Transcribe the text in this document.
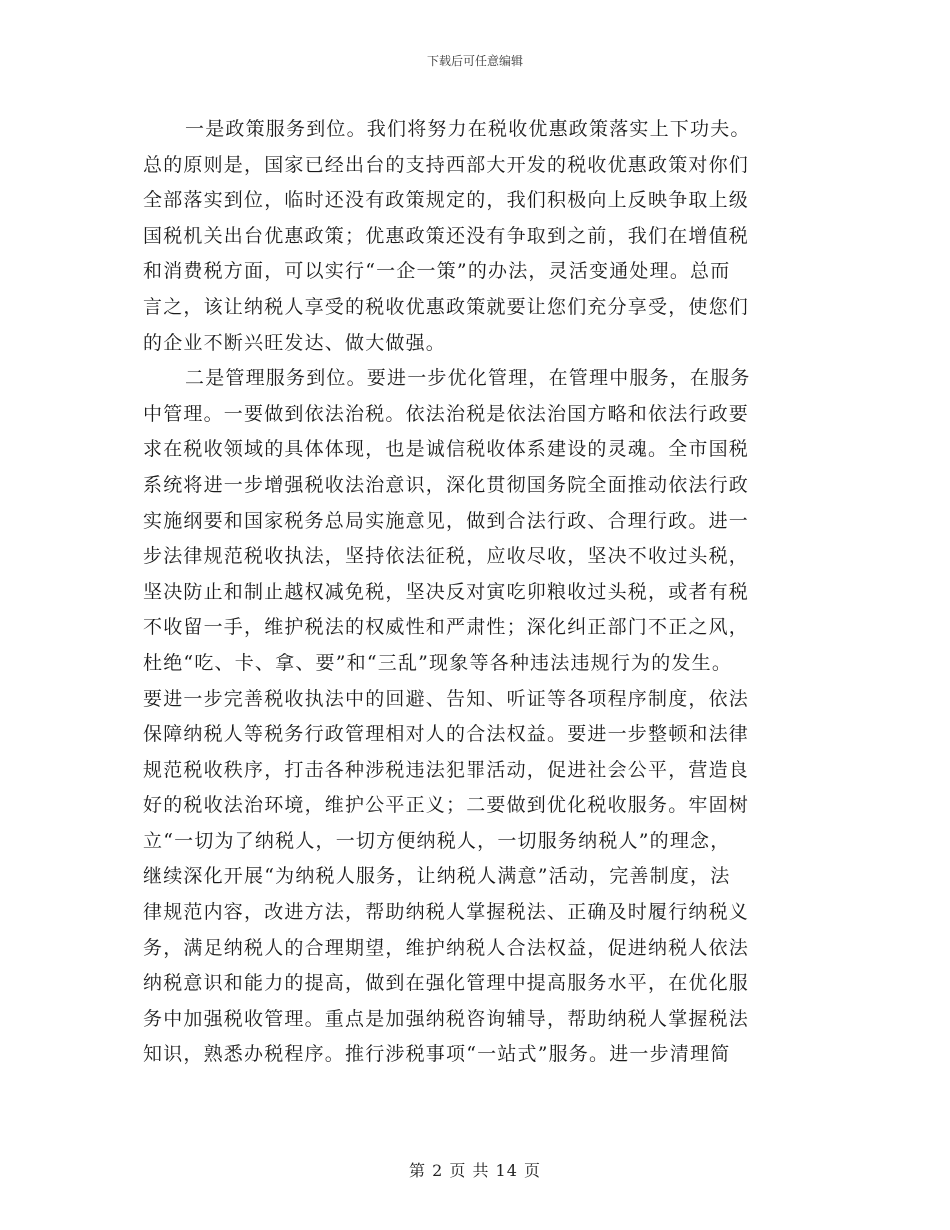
下载后可任意编辑
一是政策服务到位。我们将努力在税收优惠政策落实上下功夫。
总的原则是，国家已经出台的支持西部大开发的税收优惠政策对你们
全部落实到位，临时还没有政策规定的，我们积极向上反映争取上级
国税机关出台优惠政策；优惠政策还没有争取到之前，我们在增值税
和消费税方面，可以实行“一企一策”的办法，灵活变通处理。总而
言之，该让纳税人享受的税收优惠政策就要让您们充分享受，使您们
的企业不断兴旺发达、做大做强。
二是管理服务到位。要进一步优化管理，在管理中服务，在服务
中管理。一要做到依法治税。依法治税是依法治国方略和依法行政要
求在税收领域的具体体现，也是诚信税收体系建设的灵魂。全市国税
系统将进一步增强税收法治意识，深化贯彻国务院全面推动依法行政
实施纲要和国家税务总局实施意见，做到合法行政、合理行政。进一
步法律规范税收执法，坚持依法征税，应收尽收，坚决不收过头税，
坚决防止和制止越权减免税，坚决反对寅吃卯粮收过头税，或者有税
不收留一手，维护税法的权威性和严肃性；深化纠正部门不正之风，
杜绝“吃、卡、拿、要”和“三乱”现象等各种违法违规行为的发生。
要进一步完善税收执法中的回避、告知、听证等各项程序制度，依法
保障纳税人等税务行政管理相对人的合法权益。要进一步整顿和法律
规范税收秩序，打击各种涉税违法犯罪活动，促进社会公平，营造良
好的税收法治环境，维护公平正义；二要做到优化税收服务。牢固树
立“一切为了纳税人，一切方便纳税人，一切服务纳税人”的理念，
继续深化开展“为纳税人服务，让纳税人满意”活动，完善制度，法
律规范内容，改进方法，帮助纳税人掌握税法、正确及时履行纳税义
务，满足纳税人的合理期望，维护纳税人合法权益，促进纳税人依法
纳税意识和能力的提高，做到在强化管理中提高服务水平，在优化服
务中加强税收管理。重点是加强纳税咨询辅导，帮助纳税人掌握税法
知识，熟悉办税程序。推行涉税事项“一站式”服务。进一步清理简
第 2 页 共 14 页
